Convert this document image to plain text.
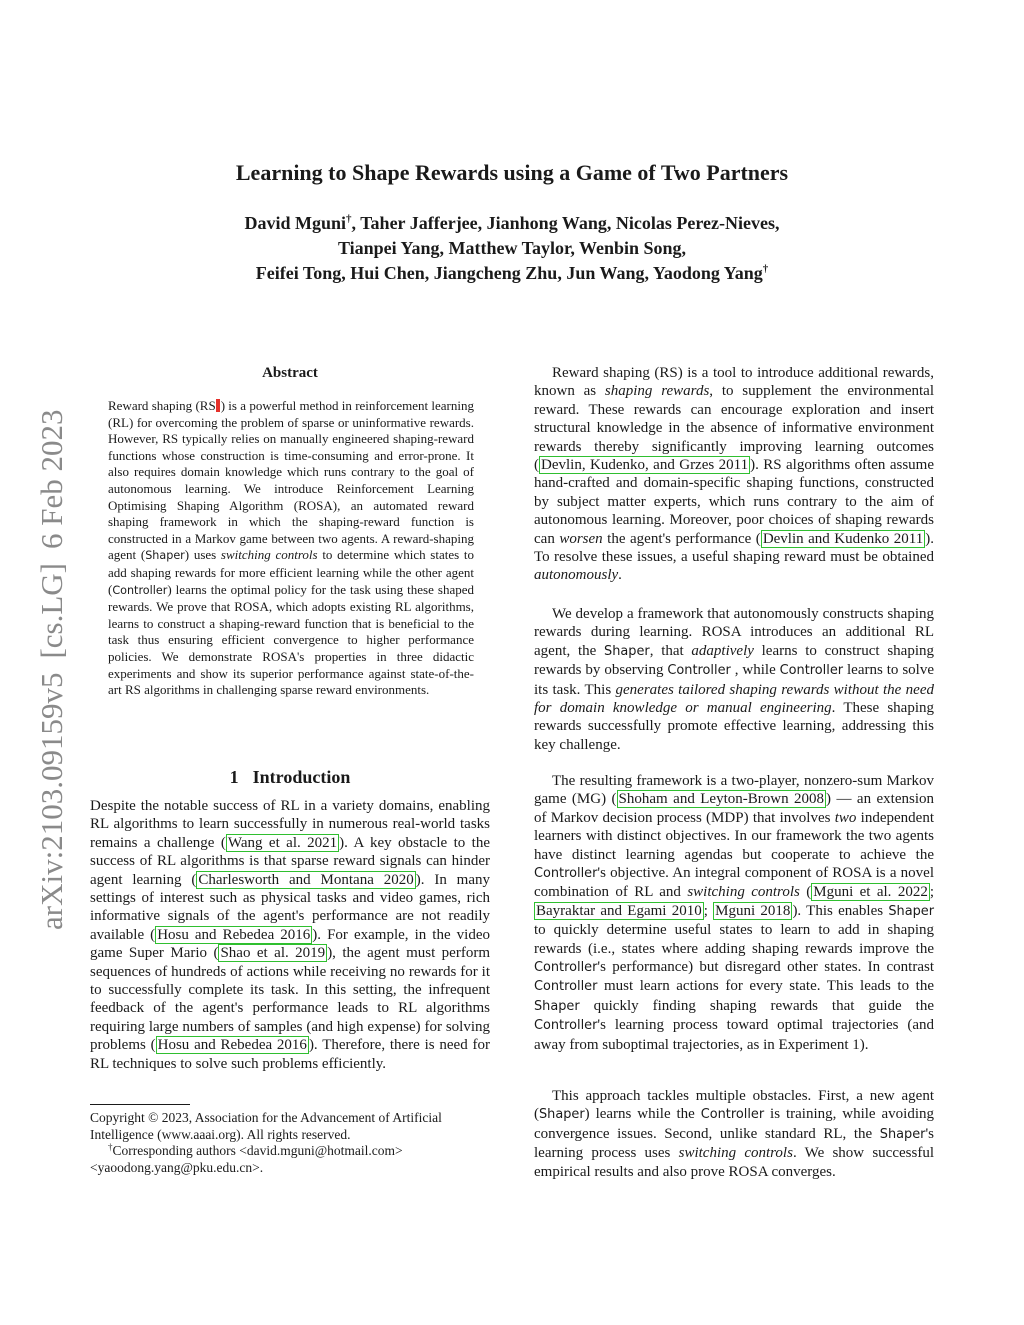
Learning to Shape Rewards using a Game of Two Partners
David Mguni†, Taher Jafferjee, Jianhong Wang, Nicolas Perez-Nieves,
Tianpei Yang, Matthew Taylor, Wenbin Song,
Feifei Tong, Hui Chen, Jiangcheng Zhu, Jun Wang, Yaodong Yang†
arXiv:2103.09159v5
[cs.LG]
6 Feb 2023
Abstract

Reward shaping (RS ) is a powerful method in reinforcement learning (RL) for overcoming the problem of sparse or uninformative rewards. However, RS typically relies on manually engineered shaping-reward functions whose construction is time-consuming and error-prone. It also requires domain knowledge which runs contrary to the goal of autonomous learning. We introduce Reinforcement Learning Optimising Shaping Algorithm (ROSA), an automated reward shaping framework in which the shaping-reward function is constructed in a Markov game between two agents. A reward-shaping agent (Shaper) uses switching controls to determine which states to add shaping rewards for more efficient learning while the other agent (Controller) learns the optimal policy for the task using these shaped rewards. We prove that ROSA, which adopts existing RL algorithms, learns to construct a shaping-reward function that is beneficial to the task thus ensuring efficient convergence to higher performance policies. We demonstrate ROSA's properties in three didactic experiments and show its superior performance against state-of-the-art RS algorithms in challenging sparse reward environments.

1 Introduction

Despite the notable success of RL in a variety domains, enabling RL algorithms to learn successfully in numerous real-world tasks remains a challenge ( Wang et al. 2021 ). A key obstacle to the success of RL algorithms is that sparse reward signals can hinder agent learning ( Charlesworth and Montana 2020 ). In many settings of interest such as physical tasks and video games, rich informative signals of the agent's performance are not readily available ( Hosu and Rebedea 2016 ). For example, in the video game Super Mario ( Shao et al. 2019 ), the agent must perform sequences of hundreds of actions while receiving no rewards for it to successfully complete its task. In this setting, the infrequent feedback of the agent's performance leads to RL algorithms requiring large numbers of samples (and high expense) for solving problems ( Hosu and Rebedea 2016 ). Therefore, there is need for RL techniques to solve such problems efficiently.

Copyright © 2023, Association for the Advancement of Artificial Intelligence (www.aaai.org). All rights reserved.

†Corresponding authors <david.mguni@hotmail.com>

<yaoodong.yang@pku.edu.cn>.

Reward shaping (RS) is a tool to introduce additional rewards, known as shaping rewards, to supplement the environmental reward. These rewards can encourage exploration and insert structural knowledge in the absence of informative environment rewards thereby significantly improving learning outcomes ( Devlin, Kudenko, and Grzes 2011 ). RS algorithms often assume hand-crafted and domain-specific shaping functions, constructed by subject matter experts, which runs contrary to the aim of autonomous learning. Moreover, poor choices of shaping rewards can worsen the agent's performance ( Devlin and Kudenko 2011 ). To resolve these issues, a useful shaping reward must be obtained autonomously.

We develop a framework that autonomously constructs shaping rewards during learning. ROSA introduces an additional RL agent, the Shaper, that adaptively learns to construct shaping rewards by observing Controller , while Controller learns to solve its task. This generates tailored shaping rewards without the need for domain knowledge or manual engineering. These shaping rewards successfully promote effective learning, addressing this key challenge.

The resulting framework is a two-player, nonzero-sum Markov game (MG) ( Shoham and Leyton-Brown 2008 ) — an extension of Markov decision process (MDP) that involves two independent learners with distinct objectives. In our framework the two agents have distinct learning agendas but cooperate to achieve the Controller's objective. An integral component of ROSA is a novel combination of RL and switching controls ( Mguni et al. 2022 ; Bayraktar and Egami 2010 ; Mguni 2018 ). This enables Shaper to quickly determine useful states to learn to add in shaping rewards (i.e., states where adding shaping rewards improve the Controller's performance) but disregard other states. In contrast Controller must learn actions for every state. This leads to the Shaper quickly finding shaping rewards that guide the Controller's learning process toward optimal trajectories (and away from suboptimal trajectories, as in Experiment 1).

This approach tackles multiple obstacles. First, a new agent (Shaper) learns while the Controller is training, while avoiding convergence issues. Second, unlike standard RL, the Shaper's learning process uses switching controls. We show successful empirical results and also prove ROSA converges.
